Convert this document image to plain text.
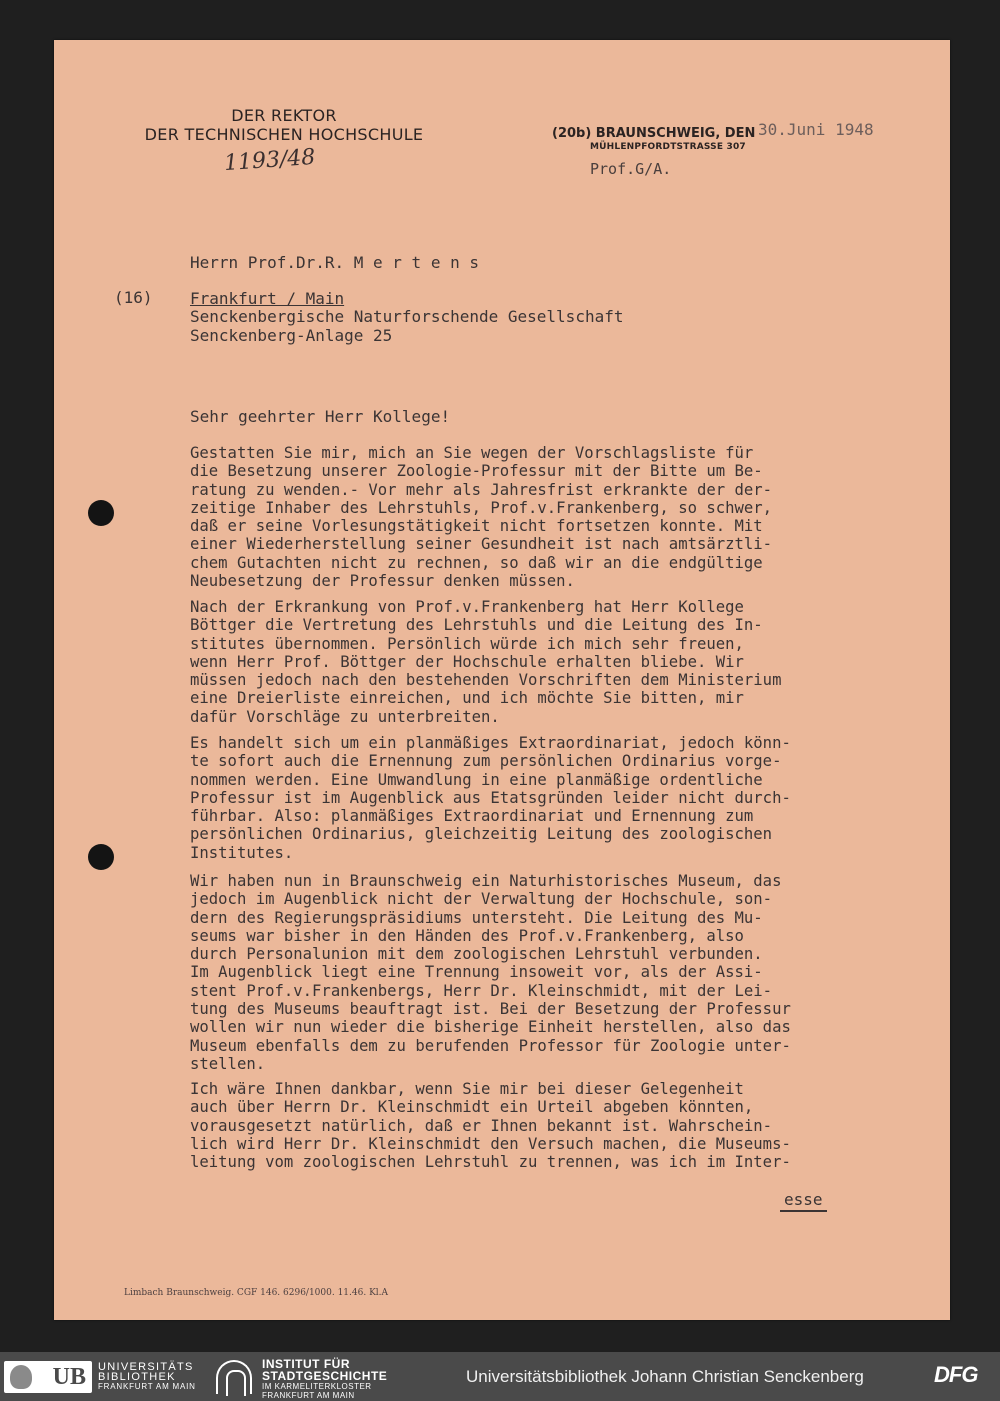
DER REKTOR
DER TECHNISCHEN HOCHSCHULE
1193/48
(20b) BRAUNSCHWEIG, DEN
MÜHLENPFORDTSTRASSE 307
30.Juni 1948
Prof.G/A.
Herrn Prof.Dr.R. M e r t e n s
(16) Frankfurt / Main
Senckenbergische Naturforschende Gesellschaft
Senckenberg-Anlage 25
Sehr geehrter Herr Kollege!
Gestatten Sie mir, mich an Sie wegen der Vorschlagsliste für
die Besetzung unserer Zoologie-Professur mit der Bitte um Be-
ratung zu wenden.- Vor mehr als Jahresfrist erkrankte der der-
zeitige Inhaber des Lehrstuhls, Prof.v.Frankenberg, so schwer,
daß er seine Vorlesungstätigkeit nicht fortsetzen konnte. Mit
einer Wiederherstellung seiner Gesundheit ist nach amtsärztli-
chem Gutachten nicht zu rechnen, so daß wir an die endgültige
Neubesetzung der Professur denken müssen.
Nach der Erkrankung von Prof.v.Frankenberg hat Herr Kollege
Böttger die Vertretung des Lehrstuhls und die Leitung des In-
stitutes übernommen. Persönlich würde ich mich sehr freuen,
wenn Herr Prof. Böttger der Hochschule erhalten bliebe. Wir
müssen jedoch nach den bestehenden Vorschriften dem Ministerium
eine Dreierliste einreichen, und ich möchte Sie bitten, mir
dafür Vorschläge zu unterbreiten.
Es handelt sich um ein planmäßiges Extraordinariat, jedoch könn-
te sofort auch die Ernennung zum persönlichen Ordinarius vorge-
nommen werden. Eine Umwandlung in eine planmäßige ordentliche
Professur ist im Augenblick aus Etatsgründen leider nicht durch-
führbar. Also: planmäßiges Extraordinariat und Ernennung zum
persönlichen Ordinarius, gleichzeitig Leitung des zoologischen
Institutes.
Wir haben nun in Braunschweig ein Naturhistorisches Museum, das
jedoch im Augenblick nicht der Verwaltung der Hochschule, son-
dern des Regierungspräsidiums untersteht. Die Leitung des Mu-
seums war bisher in den Händen des Prof.v.Frankenberg, also
durch Personalunion mit dem zoologischen Lehrstuhl verbunden.
Im Augenblick liegt eine Trennung insoweit vor, als der Assi-
stent Prof.v.Frankenbergs, Herr Dr. Kleinschmidt, mit der Lei-
tung des Museums beauftragt ist. Bei der Besetzung der Professur
wollen wir nun wieder die bisherige Einheit herstellen, also das
Museum ebenfalls dem zu berufenden Professor für Zoologie unter-
stellen.
Ich wäre Ihnen dankbar, wenn Sie mir bei dieser Gelegenheit
auch über Herrn Dr. Kleinschmidt ein Urteil abgeben könnten,
vorausgesetzt natürlich, daß er Ihnen bekannt ist. Wahrschein-
lich wird Herr Dr. Kleinschmidt den Versuch machen, die Museums-
leitung vom zoologischen Lehrstuhl zu trennen, was ich im Inter-
esse
Limbach Braunschweig. CGF 146. 6296/1000. 11.46. Kl.A
UB	UNIVERSITÄTS
BIBLIOTHEK
FRANKFURT AM MAIN
INSTITUT FÜR
STADTGESCHICHTE
IM KARMELITERKLOSTER
FRANKFURT AM MAIN
Universitätsbibliothek Johann Christian Senckenberg	DFG
